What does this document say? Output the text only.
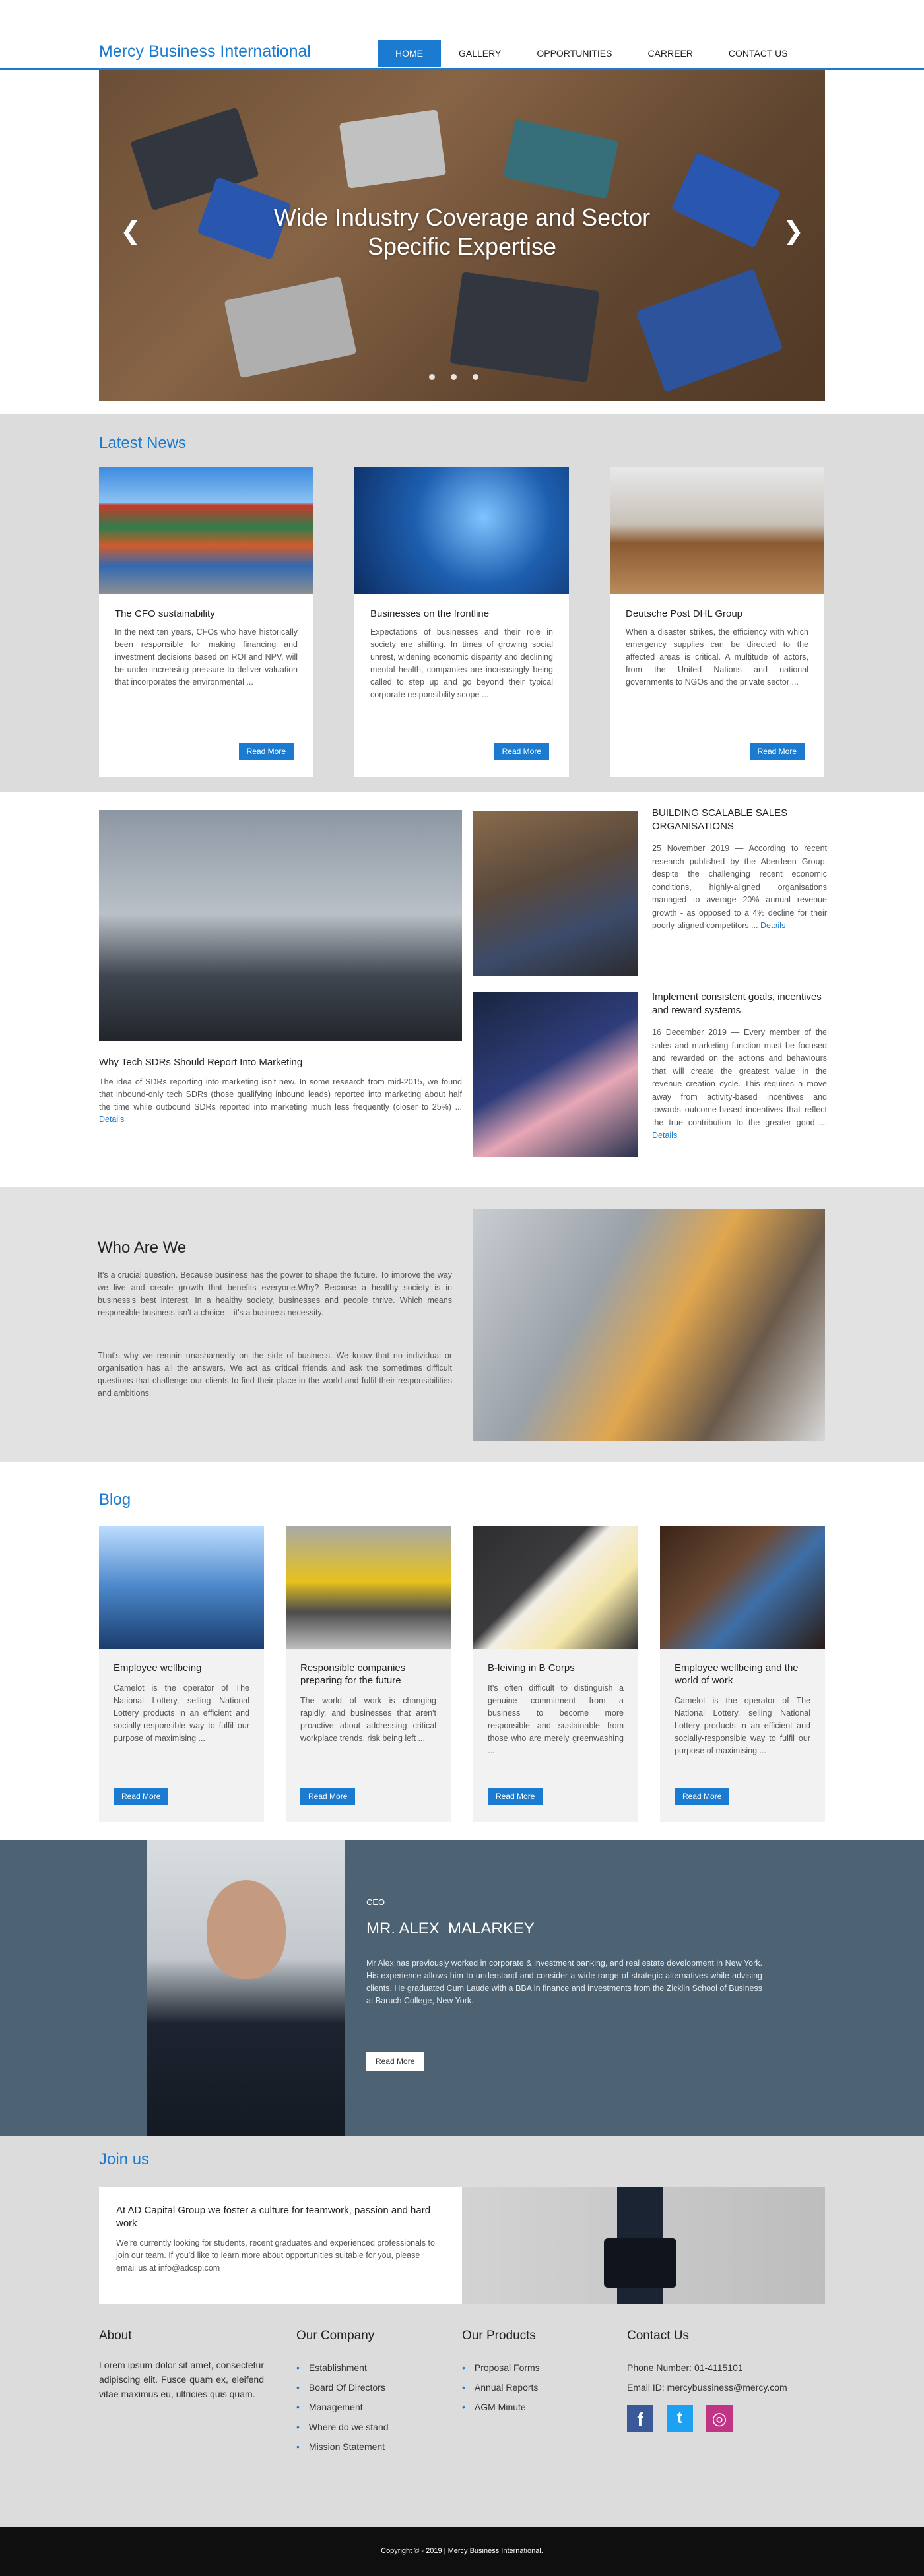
Mercy Business International	HOME	GALLERY	OPPORTUNITIES	CARREER	CONTACT US
Wide Industry Coverage and Sector
Specific Expertise
❮	❯
Latest News
The CFO sustainability

In the next ten years, CFOs who have historically been responsible for making financing and investment decisions based on ROI and NPV, will be under increasing pressure to deliver valuation that incorporates the environmental ...

Read More
Businesses on the frontline

Expectations of businesses and their role in society are shifting. In times of growing social unrest, widening economic disparity and declining mental health, companies are increasingly being called to step up and go beyond their typical corporate responsibility scope ...

Read More
Deutsche Post DHL Group

When a disaster strikes, the efficiency with which emergency supplies can be directed to the affected areas is critical. A multitude of actors, from the United Nations and national governments to NGOs and the private sector ...

Read More
Why Tech SDRs Should Report Into Marketing

The idea of SDRs reporting into marketing isn't new. In some research from mid-2015, we found that inbound-only tech SDRs (those qualifying inbound leads) reported into marketing about half the time while outbound SDRs reported into marketing much less frequently (closer to 25%) ... Details

BUILDING SCALABLE SALES ORGANISATIONS

25 November 2019 — According to recent research published by the Aberdeen Group, despite the challenging recent economic conditions, highly-aligned organisations managed to average 20% annual revenue growth - as opposed to a 4% decline for their poorly-aligned competitors ... Details

Implement consistent goals, incentives and reward systems

16 December 2019 — Every member of the sales and marketing function must be focused and rewarded on the actions and behaviours that will create the greatest value in the revenue creation cycle. This requires a move away from activity-based incentives and towards outcome-based incentives that reflect the true contribution to the greater good ... Details

Who Are We

It's a crucial question. Because business has the power to shape the future. To improve the way we live and create growth that benefits everyone.Why? Because a healthy society is in business's best interest. In a healthy society, businesses and people thrive. Which means responsible business isn't a choice – it's a business necessity.

That's why we remain unashamedly on the side of business. We know that no individual or organisation has all the answers. We act as critical friends and ask the sometimes difficult questions that challenge our clients to find their place in the world and fulfil their responsibilities and ambitions.

Blog
Employee wellbeing

Camelot is the operator of The National Lottery, selling National Lottery products in an efficient and socially-responsible way to fulfil our purpose of maximising ...

Read More
Responsible companies preparing for the future

The world of work is changing rapidly, and businesses that aren't proactive about addressing critical workplace trends, risk being left ...

Read More
B-leiving in B Corps

It's often difficult to distinguish a genuine commitment from a business to become more responsible and sustainable from those who are merely greenwashing ...

Read More
Employee wellbeing and the world of work

Camelot is the operator of The National Lottery, selling National Lottery products in an efficient and socially-responsible way to fulfil our purpose of maximising ...

Read More
CEO
MR. ALEX  MALARKEY

Mr Alex has previously worked in corporate & investment banking, and real estate development in New York. His experience allows him to understand and consider a wide range of strategic alternatives while advising clients. He graduated Cum Laude with a BBA in finance and investments from the Zicklin School of Business at Baruch College, New York.

Read More
Join us
At AD Capital Group we foster a culture for teamwork, passion and hard work

We're currently looking for students, recent graduates and experienced professionals to join our team. If you'd like to learn more about opportunities suitable for you, please email us at info@adcsp.com

About

Lorem ipsum dolor sit amet, consectetur adipiscing elit. Fusce quam ex, eleifend vitae maximus eu, ultricies quis quam.

Our Company
• Establishment
• Board Of Directors
• Management
• Where do we stand
• Mission Statement
Our Products
• Proposal Forms
• Annual Reports
• AGM Minute
Contact Us
Phone Number: 01-4115101
Email ID: mercybussiness@mercy.com
f	t	◎
Copyright © - 2019 | Mercy Business International.
